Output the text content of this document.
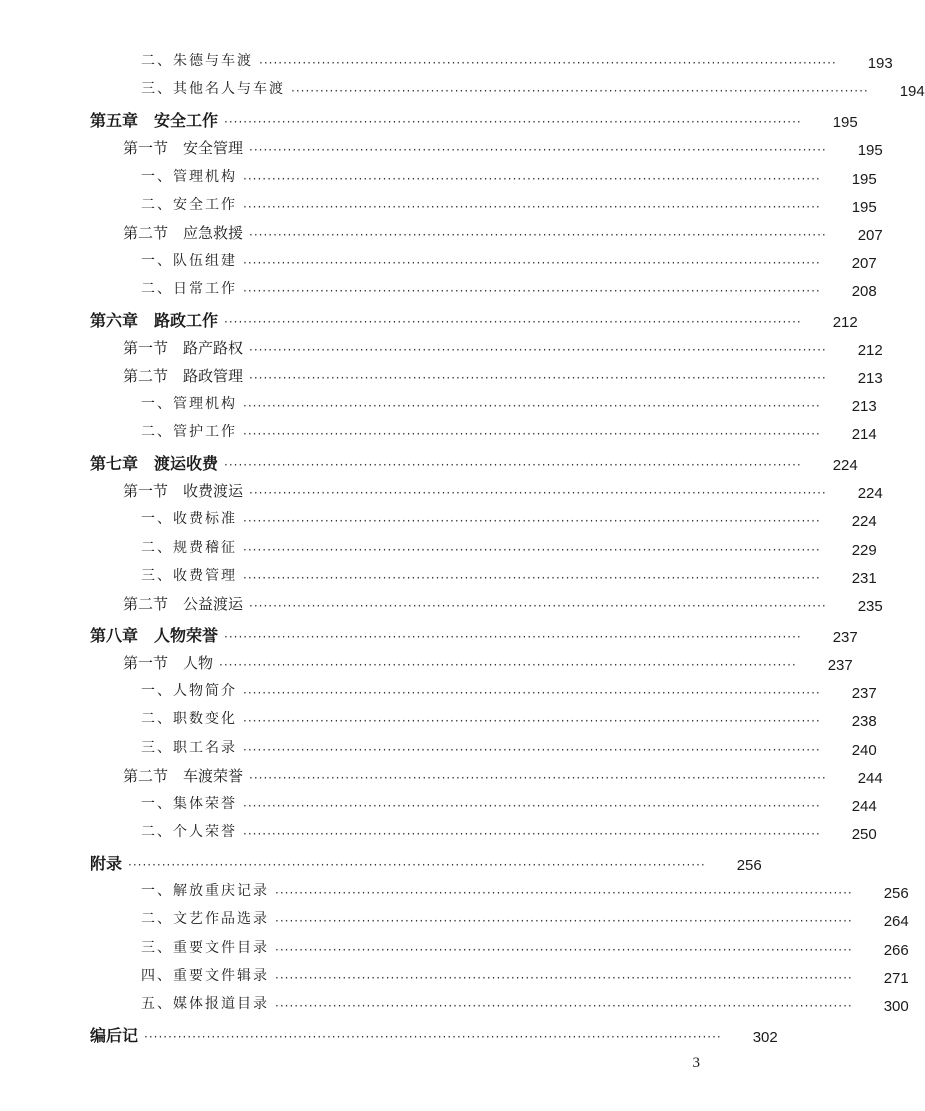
二、朱德与车渡 ························································································································	193
三、其他名人与车渡 ························································································································	194
第五章　安全工作 ························································································································	195
第一节　安全管理 ························································································································	195
一、管理机构 ························································································································	195
二、安全工作 ························································································································	195
第二节　应急救援 ························································································································	207
一、队伍组建 ························································································································	207
二、日常工作 ························································································································	208
第六章　路政工作 ························································································································	212
第一节　路产路权 ························································································································	212
第二节　路政管理 ························································································································	213
一、管理机构 ························································································································	213
二、管护工作 ························································································································	214
第七章　渡运收费 ························································································································	224
第一节　收费渡运 ························································································································	224
一、收费标准 ························································································································	224
二、规费稽征 ························································································································	229
三、收费管理 ························································································································	231
第二节　公益渡运 ························································································································	235
第八章　人物荣誉 ························································································································	237
第一节　人物 ························································································································	237
一、人物简介 ························································································································	237
二、职数变化 ························································································································	238
三、职工名录 ························································································································	240
第二节　车渡荣誉 ························································································································	244
一、集体荣誉 ························································································································	244
二、个人荣誉 ························································································································	250
附录 ························································································································	256
一、解放重庆记录 ························································································································	256
二、文艺作品选录 ························································································································	264
三、重要文件目录 ························································································································	266
四、重要文件辑录 ························································································································	271
五、媒体报道目录 ························································································································	300
编后记 ························································································································	302
3
